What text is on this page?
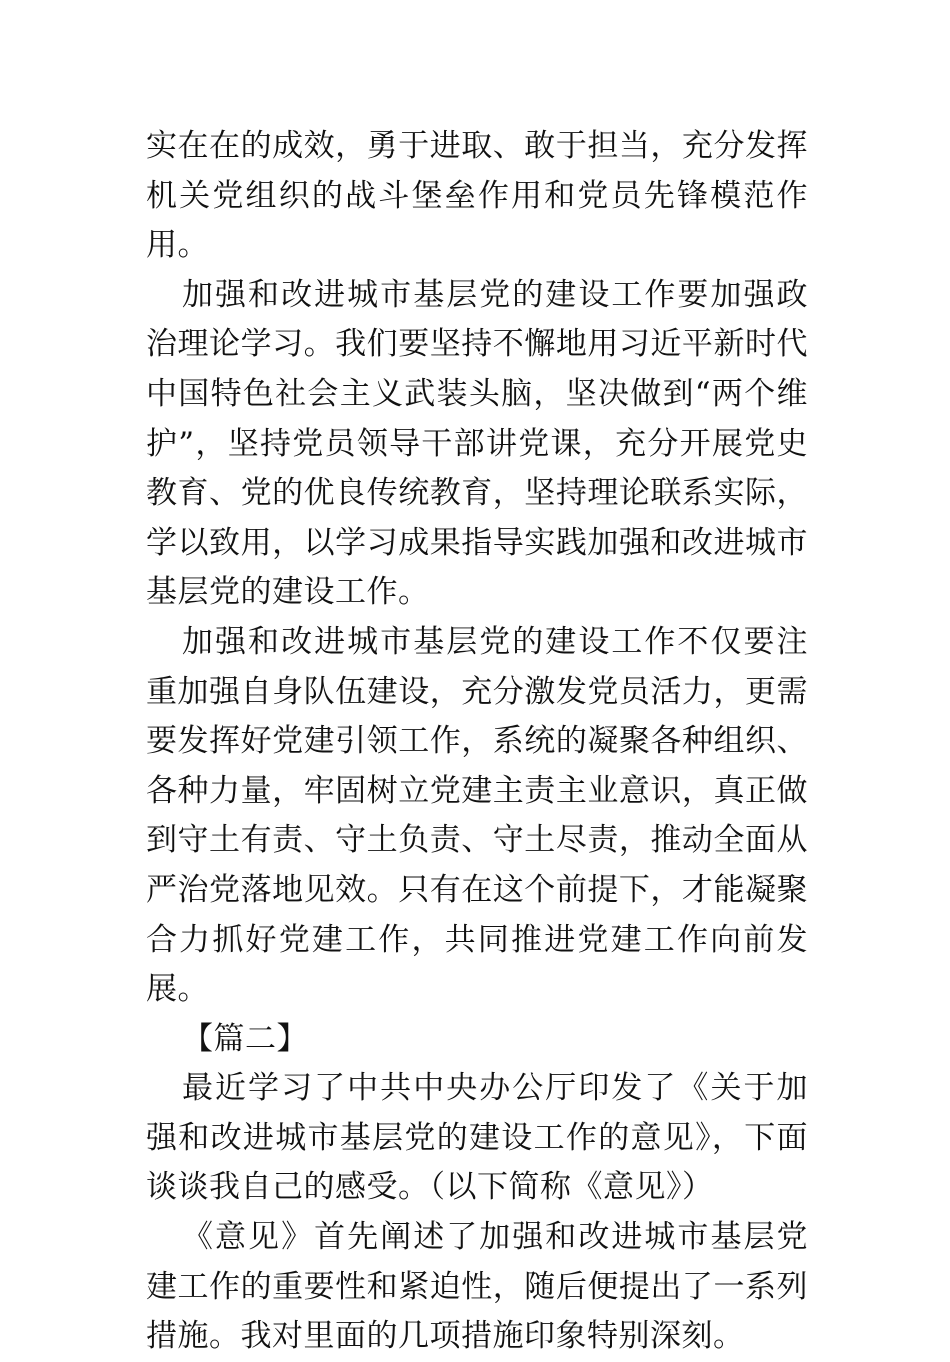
实在在的成效，勇于进取、敢于担当，充分发挥机关党组织的战斗堡垒作用和党员先锋模范作用。

加强和改进城市基层党的建设工作要加强政治理论学习。我们要坚持不懈地用习近平新时代中国特色社会主义武装头脑，坚决做到“两个维护”，坚持党员领导干部讲党课，充分开展党史教育、党的优良传统教育，坚持理论联系实际，学以致用，以学习成果指导实践加强和改进城市基层党的建设工作。

加强和改进城市基层党的建设工作不仅要注重加强自身队伍建设，充分激发党员活力，更需要发挥好党建引领工作，系统的凝聚各种组织、各种力量，牢固树立党建主责主业意识，真正做到守土有责、守土负责、守土尽责，推动全面从严治党落地见效。只有在这个前提下，才能凝聚合力抓好党建工作，共同推进党建工作向前发展。

【篇二】

最近学习了中共中央办公厅印发了《关于加强和改进城市基层党的建设工作的意见》，下面谈谈我自己的感受。（以下简称《意见》）

《意见》首先阐述了加强和改进城市基层党建工作的重要性和紧迫性，随后便提出了一系列措施。我对里面的几项措施印象特别深刻。
